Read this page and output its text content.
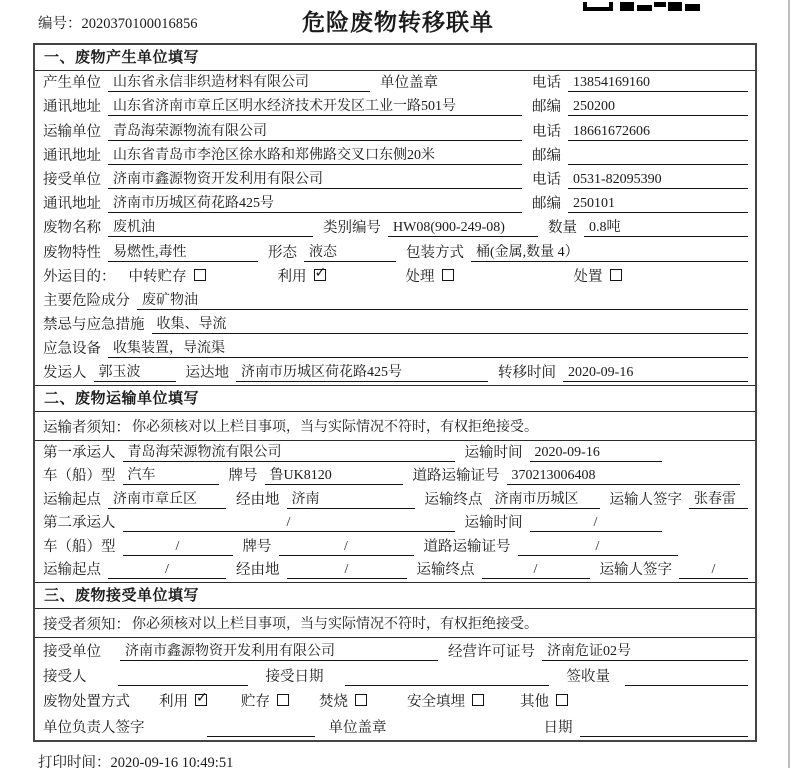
编号：2020370100016856	危险废物转移联单
一、废物产生单位填写
产生单位 山东省永信非织造材料有限公司	单位盖章	电话 13854169160
通讯地址 山东省济南市章丘区明水经济技术开发区工业一路501号	邮编 250200
运输单位 青岛海荣源物流有限公司	电话 18661672606
通讯地址 山东省青岛市李沧区徐水路和郑佛路交叉口东侧20米	邮编
接受单位 济南市鑫源物资开发利用有限公司	电话 0531-82095390
通讯地址 济南市历城区荷花路425号	邮编 250101
废物名称 废机油	类别编号 HW08(900-249-08)	数量 0.8吨
废物特性 易燃性,毒性	形态 液态	包装方式 桶(金属,数量 4）
外运目的： 中转贮存	利用 ✓	处理	处置
主要危险成分 废矿物油
禁忌与应急措施 收集、导流
应急设备 收集装置，导流渠
发运人 郭玉波	运达地 济南市历城区荷花路425号	转移时间 2020-09-16
二、废物运输单位填写
运输者须知： 你必须核对以上栏目事项，当与实际情况不符时，有权拒绝接受。
第一承运人 青岛海荣源物流有限公司	运输时间 2020-09-16
车（船）型 汽车	牌号 鲁UK8120	道路运输证号 370213006408
运输起点 济南市章丘区	经由地 济南	运输终点 济南市历城区	运输人签字 张春雷
第二承运人	/	运输时间	/
车（船）型	/	牌号	/	道路运输证号	/
运输起点	/	经由地	/	运输终点	/	运输人签字	/
三、废物接受单位填写
接受者须知： 你必须核对以上栏目事项，当与实际情况不符时，有权拒绝接受。
接受单位	济南市鑫源物资开发利用有限公司	经营许可证号 济南危证02号
接受人	接受日期	签收量
废物处置方式 利用 ✓	贮存	焚烧	安全填埋	其他
单位负责人签字	单位盖章	日期
打印时间：2020-09-16 10:49:51
